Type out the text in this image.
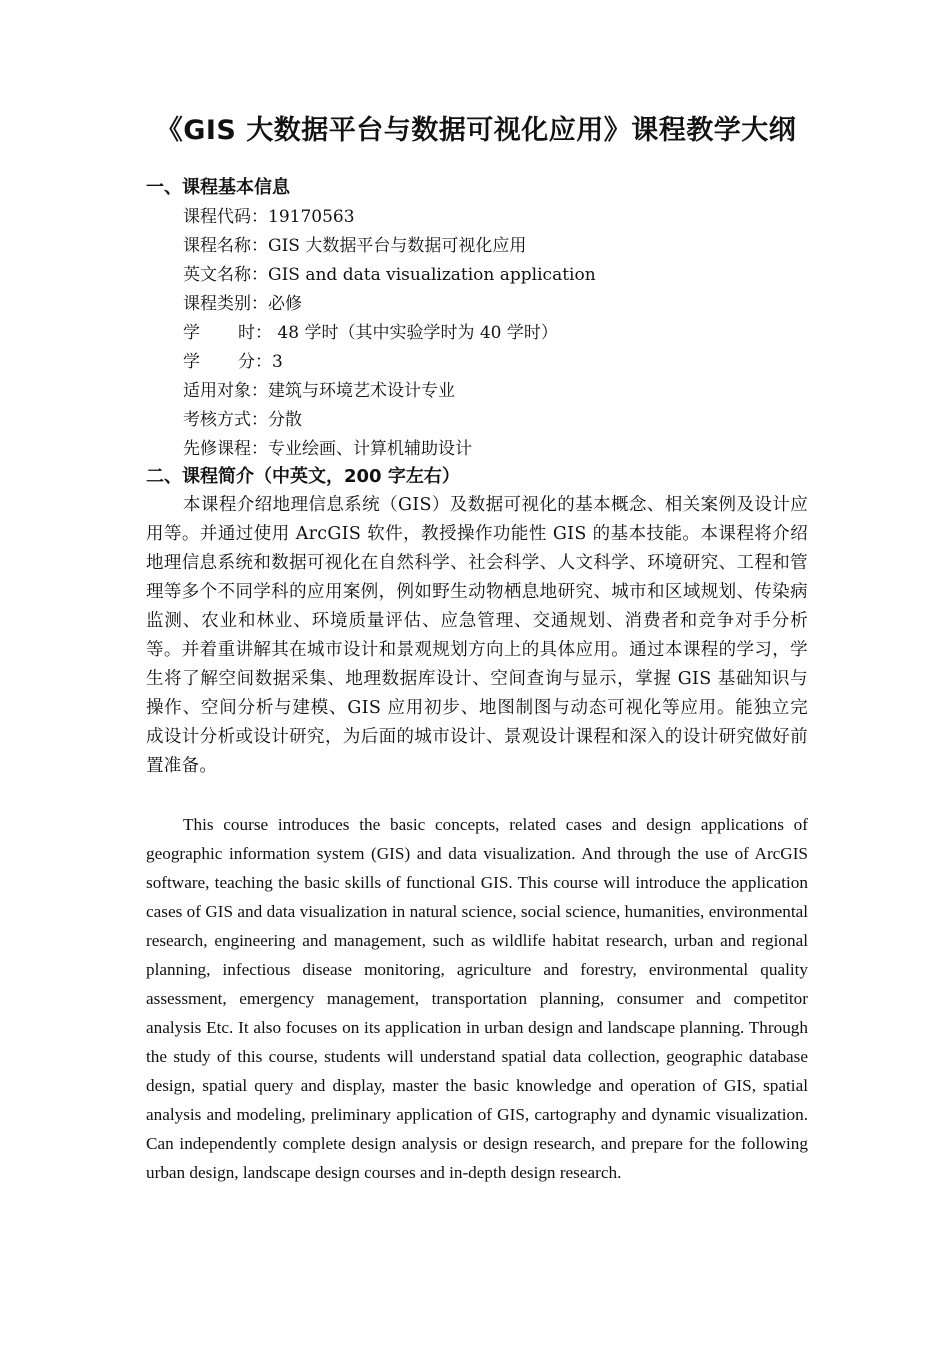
《GIS 大数据平台与数据可视化应用》课程教学大纲
一、课程基本信息
课程代码：19170563
课程名称：GIS 大数据平台与数据可视化应用
英文名称：GIS and data visualization application
课程类别：必修
学时： 48 学时（其中实验学时为 40 学时）
学分：3
适用对象：建筑与环境艺术设计专业
考核方式：分散
先修课程：专业绘画、计算机辅助设计
二、课程简介（中英文，200 字左右）

本课程介绍地理信息系统（GIS）及数据可视化的基本概念、相关案例及设计应用等。并通过使用 ArcGIS 软件，教授操作功能性 GIS 的基本技能。本课程将介绍地理信息系统和数据可视化在自然科学、社会科学、人文科学、环境研究、工程和管理等多个不同学科的应用案例，例如野生动物栖息地研究、城市和区域规划、传染病监测、农业和林业、环境质量评估、应急管理、交通规划、消费者和竞争对手分析等。并着重讲解其在城市设计和景观规划方向上的具体应用。通过本课程的学习，学生将了解空间数据采集、地理数据库设计、空间查询与显示，掌握 GIS 基础知识与操作、空间分析与建模、GIS 应用初步、地图制图与动态可视化等应用。能独立完成设计分析或设计研究，为后面的城市设计、景观设计课程和深入的设计研究做好前置准备。

This course introduces the basic concepts, related cases and design applications of geographic information system (GIS) and data visualization. And through the use of ArcGIS software, teaching the basic skills of functional GIS. This course will introduce the application cases of GIS and data visualization in natural science, social science, humanities, environmental research, engineering and management, such as wildlife habitat research, urban and regional planning, infectious disease monitoring, agriculture and forestry, environmental quality assessment, emergency management, transportation planning, consumer and competitor analysis Etc. It also focuses on its application in urban design and landscape planning. Through the study of this course, students will understand spatial data collection, geographic database design, spatial query and display, master the basic knowledge and operation of GIS, spatial analysis and modeling, preliminary application of GIS, cartography and dynamic visualization. Can independently complete design analysis or design research, and prepare for the following urban design, landscape design courses and in-depth design research.
